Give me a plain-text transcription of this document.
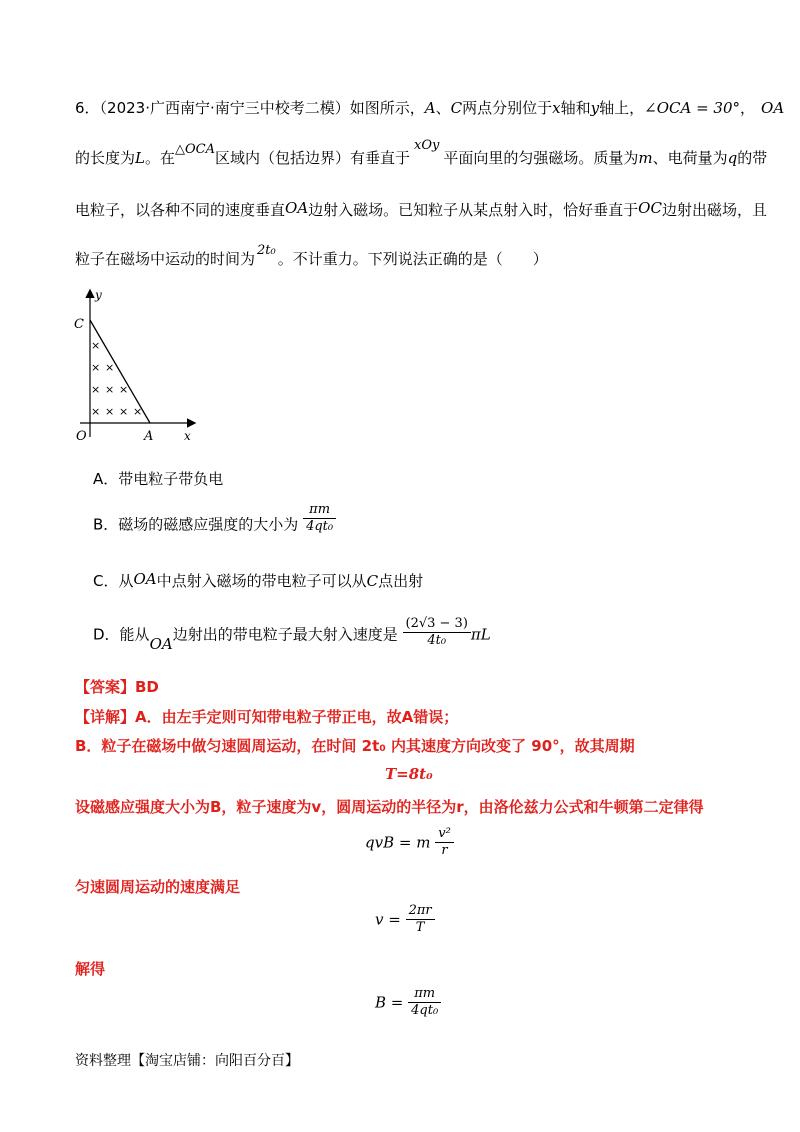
6．（2023·广西南宁·南宁三中校考二模）如图所示，A、C两点分别位于x轴和y轴上，∠OCA = 30°， OA
的长度为L。在△OCA区域内（包括边界）有垂直于xOy平面向里的匀强磁场。质量为m、电荷量为q的带
电粒子，以各种不同的速度垂直OA边射入磁场。已知粒子从某点射入时，恰好垂直于OC边射出磁场，且
粒子在磁场中运动的时间为 2t₀ 。不计重力。下列说法正确的是（　　）
y
C
O	A	x
×
× ×
× × ×
× × × ×
A．带电粒子带负电
B．磁场的磁感应强度的大小为 $\frac{\pi m}{\text{4qt₀}}$
C．从OA中点射入磁场的带电粒子可以从C点出射
D．能从OA边射出的带电粒子最大射入速度是 $\frac{(2√3 - 3)}{\text{4t₀}}$ πL
【答案】BD
【详解】A．由左手定则可知带电粒子带正电，故A错误；
B．粒子在磁场中做匀速圆周运动，在时间 2t₀ 内其速度方向改变了 90°，故其周期
T=8t₀
设磁感应强度大小为B，粒子速度为v，圆周运动的半径为r，由洛伦兹力公式和牛顿第二定律得
qvB = m $\frac{\text{v²}}{r}$
匀速圆周运动的速度满足
$v = \frac{2\pi r}{T}$
解得
$B = \frac{\pi m}{\text{4qt₀}}$
资料整理【淘宝店铺：向阳百分百】
